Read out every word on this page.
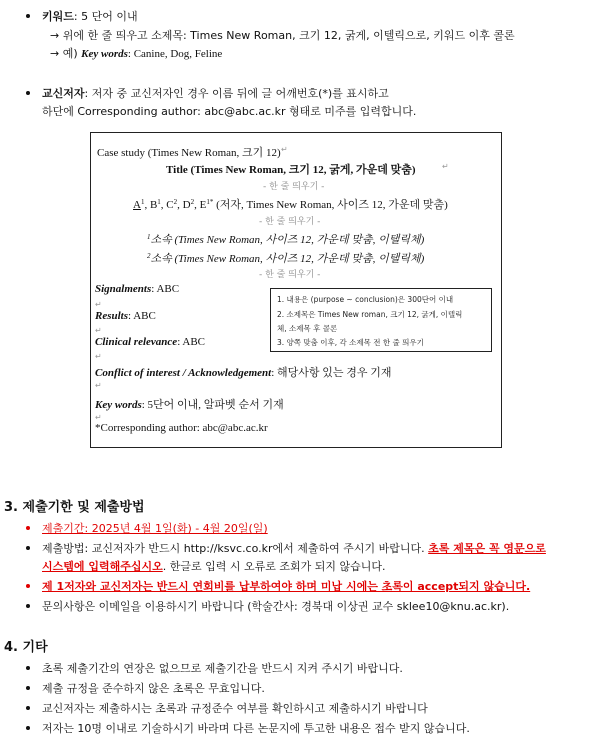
키워드: 5 단어 이내
→ 위에 한 줄 띄우고 소제목: Times New Roman, 크기 12, 굵게, 이텔릭으로, 키워드 이후 콜론
→ 예) Key words: Canine, Dog, Feline
교신저자: 저자 중 교신저자인 경우 이름 뒤에 글 어깨번호(*)를 표시하고
하단에 Corresponding author: abc@abc.ac.kr 형태로 미주를 입력합니다.
Case study (Times New Roman, 크기 12) ↵
Title (Times New Roman, 크기 12, 굵게, 가운데 맞춤)	↵
- 한 줄 띄우기 -
$A^1$, $B^1$, $C^2$, $D^2$, $E^{1*}$ (저자, Times New Roman, 사이즈 12, 가운데 맞춤)
- 한 줄 띄우기 -
$^1$소속 (Times New Roman, 사이즈 12, 가운데 맞춤, 이탤릭체)
$^2$소속 (Times New Roman, 사이즈 12, 가운데 맞춤, 이탤릭체)
- 한 줄 띄우기 -
Signalments: ABC
↵
Results: ABC
↵
Clinical relevance: ABC
↵
Conflict of interest / Acknowledgement: 해당사항 있는 경우 기재
↵
Key words: 5단어 이내, 알파벳 순서 기재
↵
*Corresponding author: abc@abc.ac.kr
1. 내용은 (purpose ~ conclusion)은 300단어 이내
2. 소제목은 Times New roman, 크기 12, 굵게, 이텔릭
체, 소제목 후 콜론
3. 양쪽 맞춤 이후, 각 소제목 전 한 줄 띄우기
3. 제출기한 및 제출방법
제출기간: 2025년 4월 1일(화) - 4월 20일(일)
제출방법: 교신저자가 반드시 http://ksvc.co.kr에서 제출하여 주시기 바랍니다. 초록 제목은 꼭 영문으로
시스템에 입력해주십시오. 한글로 입력 시 오류로 조회가 되지 않습니다.
제 1저자와 교신저자는 반드시 연회비를 납부하여야 하며 미납 시에는 초록이 accept되지 않습니다.
문의사항은 이메일을 이용하시기 바랍니다 (학술간사: 경북대 이상권 교수 sklee10@knu.ac.kr).
4. 기타
초록 제출기간의 연장은 없으므로 제출기간을 반드시 지켜 주시기 바랍니다.
제출 규정을 준수하지 않은 초록은 무효입니다.
교신저자는 제출하시는 초록과 규정준수 여부를 확인하시고 제출하시기 바랍니다
저자는 10명 이내로 기술하시기 바라며 다른 논문지에 투고한 내용은 접수 받지 않습니다.
